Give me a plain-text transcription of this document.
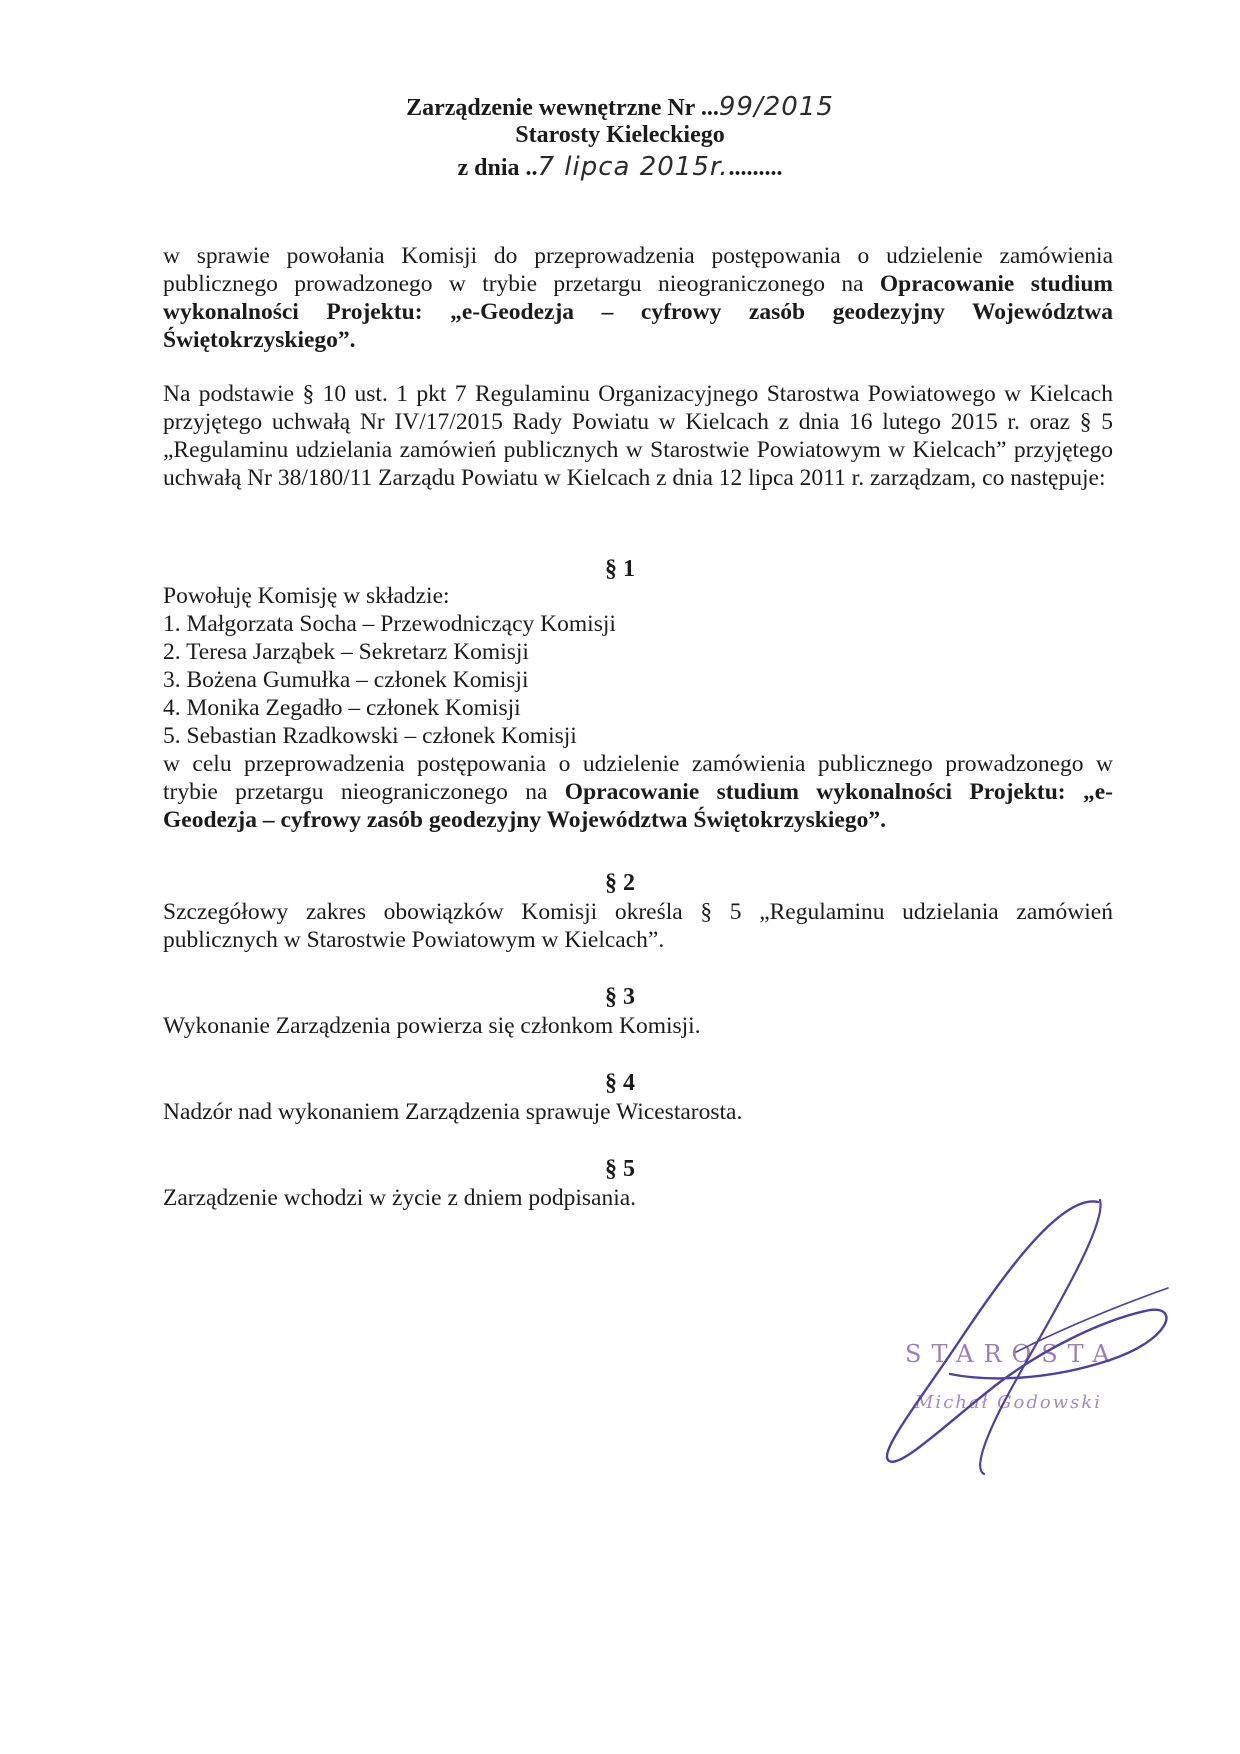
Zarządzenie wewnętrzne Nr ...99/2015
Starosty Kieleckiego
z dnia ..7 lipca 2015r..........

w sprawie powołania Komisji do przeprowadzenia postępowania o udzielenie zamówienia publicznego prowadzonego w trybie przetargu nieograniczonego na Opracowanie studium wykonalności Projektu: „e-Geodezja – cyfrowy zasób geodezyjny Województwa Świętokrzyskiego”.

Na podstawie § 10 ust. 1 pkt 7 Regulaminu Organizacyjnego Starostwa Powiatowego w Kielcach przyjętego uchwałą Nr IV/17/2015 Rady Powiatu w Kielcach z dnia 16 lutego 2015 r. oraz § 5 „Regulaminu udzielania zamówień publicznych w Starostwie Powiatowym w Kielcach” przyjętego uchwałą Nr 38/180/11 Zarządu Powiatu w Kielcach z dnia 12 lipca 2011 r. zarządzam, co następuje:

§ 1
Powołuję Komisję w składzie:
1. Małgorzata Socha – Przewodniczący Komisji
2. Teresa Jarząbek – Sekretarz Komisji
3. Bożena Gumułka – członek Komisji
4. Monika Zegadło – członek Komisji
5. Sebastian Rzadkowski – członek Komisji

w celu przeprowadzenia postępowania o udzielenie zamówienia publicznego prowadzonego w trybie przetargu nieograniczonego na Opracowanie studium wykonalności Projektu: „e-Geodezja – cyfrowy zasób geodezyjny Województwa Świętokrzyskiego”.

§ 2

Szczegółowy zakres obowiązków Komisji określa § 5 „Regulaminu udzielania zamówień publicznych w Starostwie Powiatowym w Kielcach”.

§ 3

Wykonanie Zarządzenia powierza się członkom Komisji.

§ 4

Nadzór nad wykonaniem Zarządzenia sprawuje Wicestarosta.

§ 5

Zarządzenie wchodzi w życie z dniem podpisania.

STAROSTA
Michał Godowski
